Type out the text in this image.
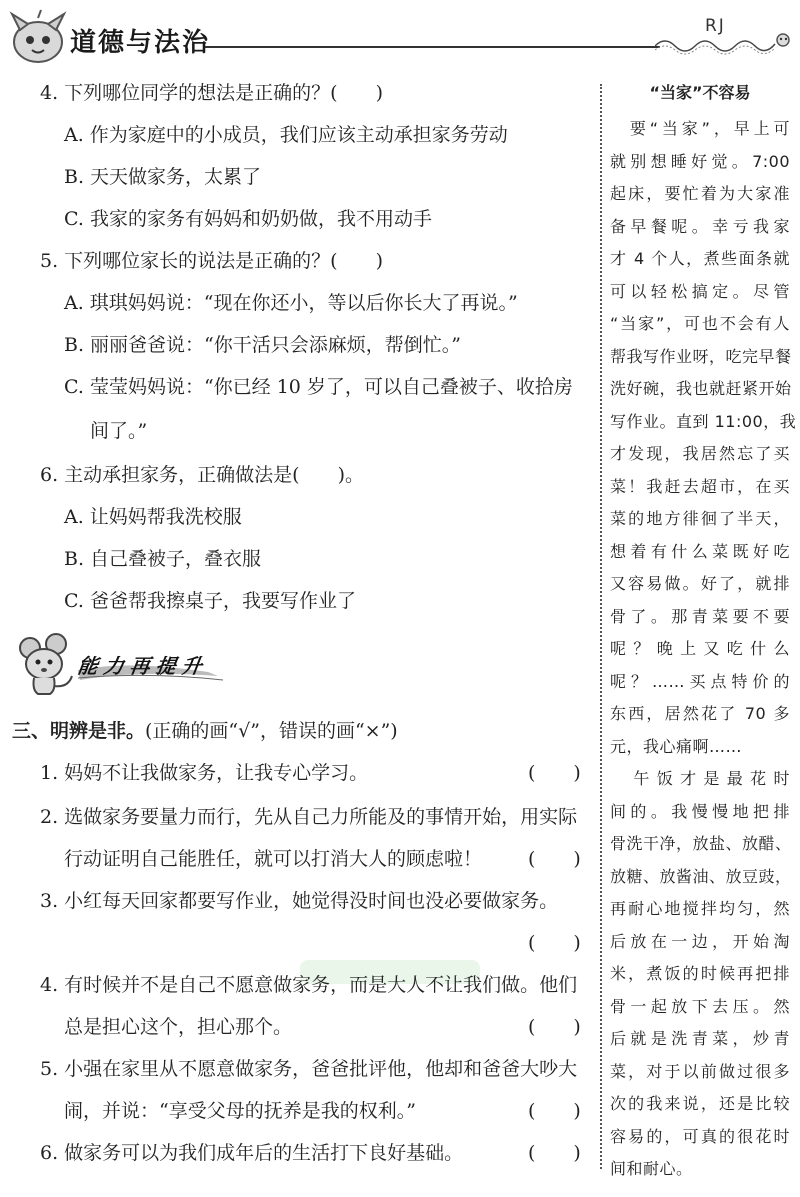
道德与法治
RJ
4. 下列哪位同学的想法是正确的？(　　)
A. 作为家庭中的小成员，我们应该主动承担家务劳动
B. 天天做家务，太累了
C. 我家的家务有妈妈和奶奶做，我不用动手
5. 下列哪位家长的说法是正确的？(　　)
A. 琪琪妈妈说：“现在你还小，等以后你长大了再说。”
B. 丽丽爸爸说：“你干活只会添麻烦，帮倒忙。”
C. 莹莹妈妈说：“你已经 10 岁了，可以自己叠被子、收拾房
间了。”
6. 主动承担家务，正确做法是(　　)。
A. 让妈妈帮我洗校服
B. 自己叠被子，叠衣服
C. 爸爸帮我擦桌子，我要写作业了
能力再提升
三、明辨是非。(正确的画“√”，错误的画“×”)
1. 妈妈不让我做家务，让我专心学习。	(　　)
2. 选做家务要量力而行，先从自己力所能及的事情开始，用实际
行动证明自己能胜任，就可以打消大人的顾虑啦！ (　　)
3. 小红每天回家都要写作业，她觉得没时间也没必要做家务。
(　　)
4. 有时候并不是自己不愿意做家务，而是大人不让我们做。他们
总是担心这个，担心那个。	(　　)
5. 小强在家里从不愿意做家务，爸爸批评他，他却和爸爸大吵大
闹，并说：“享受父母的抚养是我的权利。”	(　　)
6. 做家务可以为我们成年后的生活打下良好基础。	(　　)
“当家”不容易
　要“当家”，早上可
就别想睡好觉。7:00
起床，要忙着为大家准
备早餐呢。幸亏我家
才 4 个人，煮些面条就
可以轻松搞定。尽管
“当家”，可也不会有人
帮我写作业呀，吃完早餐
洗好碗，我也就赶紧开始
写作业。直到 11:00，我
才发现，我居然忘了买
菜！我赶去超市，在买
菜的地方徘徊了半天，
想着有什么菜既好吃
又容易做。好了，就排
骨了。那青菜要不要
呢？晚上又吃什么
呢？……买点特价的
东西，居然花了 70 多
元，我心痛啊……
　午饭才是最花时
间的。我慢慢地把排
骨洗干净，放盐、放醋、
放糖、放酱油、放豆豉，
再耐心地搅拌均匀，然
后放在一边，开始淘
米，煮饭的时候再把排
骨一起放下去压。然
后就是洗青菜，炒青
菜，对于以前做过很多
次的我来说，还是比较
容易的，可真的很花时
间和耐心。
